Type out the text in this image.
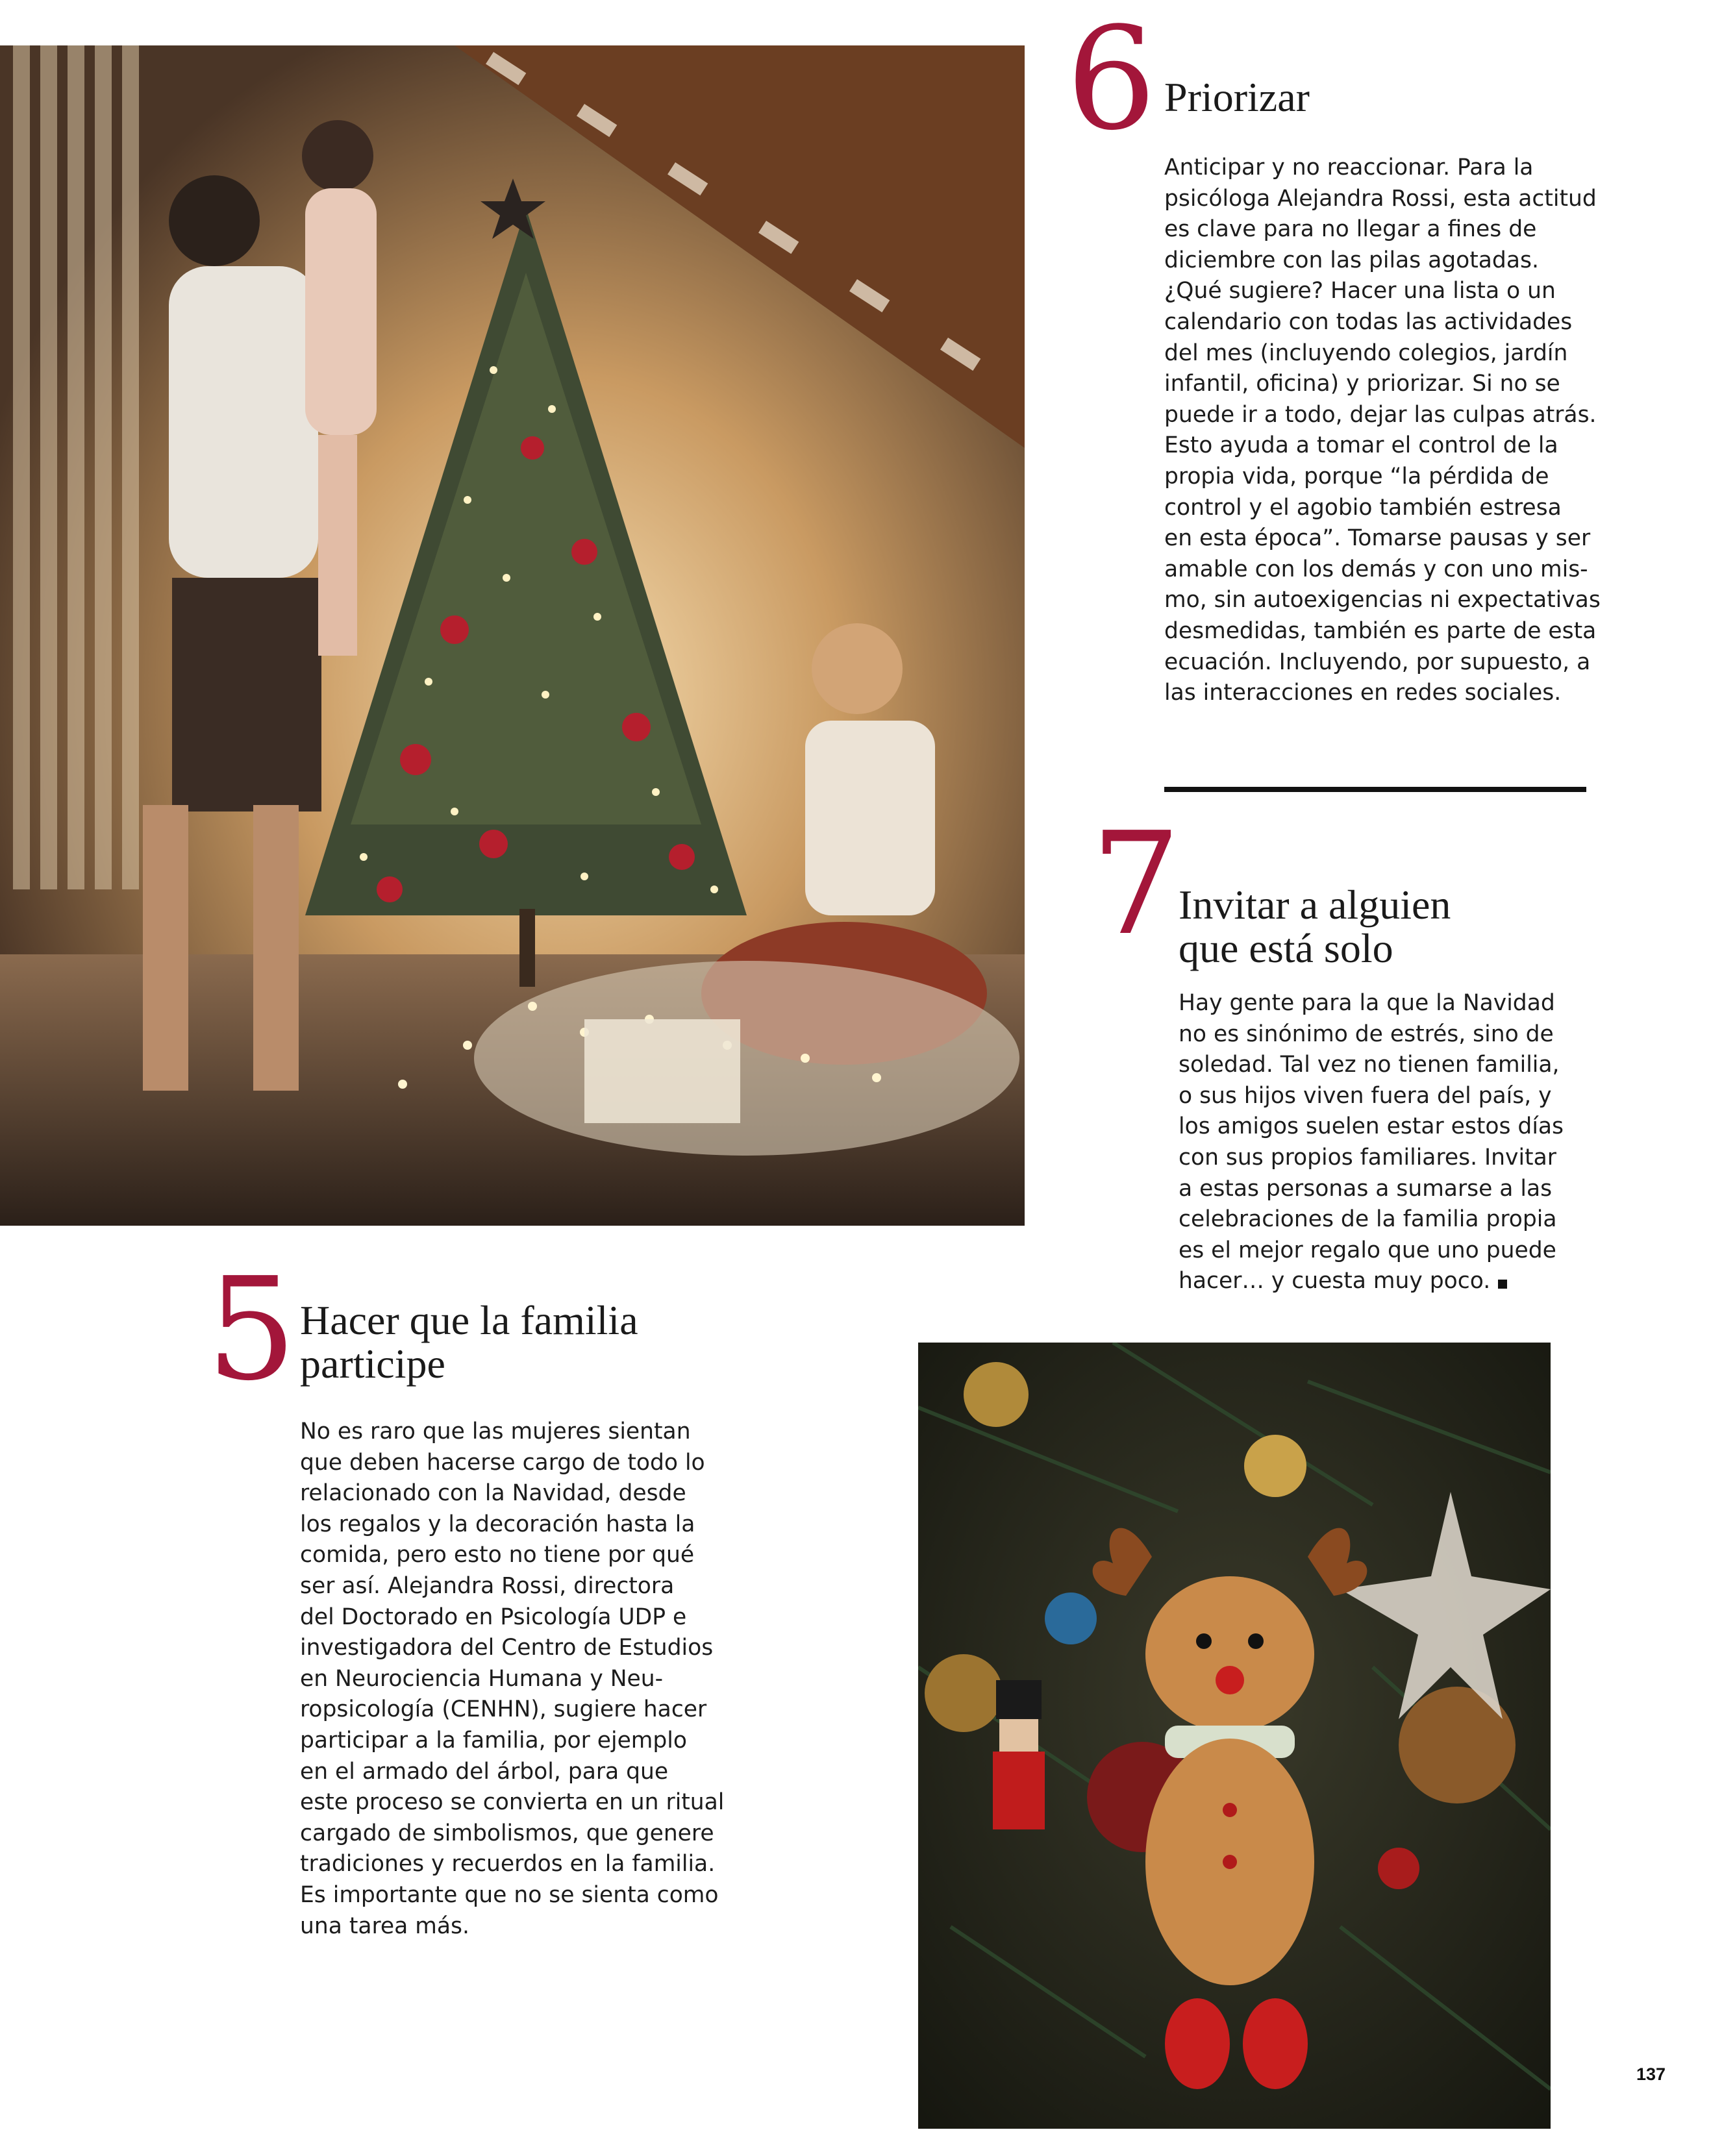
6 Priorizar

Anticipar y no reaccionar. Para la
psicóloga Alejandra Rossi, esta actitud
es clave para no llegar a fines de
diciembre con las pilas agotadas.
¿Qué sugiere? Hacer una lista o un
calendario con todas las actividades
del mes (incluyendo colegios, jardín
infantil, oficina) y priorizar. Si no se
puede ir a todo, dejar las culpas atrás.
Esto ayuda a tomar el control de la
propia vida, porque “la pérdida de
control y el agobio también estresa
en esta época”. Tomarse pausas y ser
amable con los demás y con uno mis-
mo, sin autoexigencias ni expectativas
desmedidas, también es parte de esta
ecuación. Incluyendo, por supuesto, a
las interacciones en redes sociales.

7
Invitar a alguien
que está solo
Hay gente para la que la Navidad
no es sinónimo de estrés, sino de
soledad. Tal vez no tienen familia,
o sus hijos viven fuera del país, y
los amigos suelen estar estos días
con sus propios familiares. Invitar
a estas personas a sumarse a las
celebraciones de la familia propia
es el mejor regalo que uno puede
hacer… y cuesta muy poco.
5 Hacer que la familia
participe

No es raro que las mujeres sientan
que deben hacerse cargo de todo lo
relacionado con la Navidad, desde
los regalos y la decoración hasta la
comida, pero esto no tiene por qué
ser así. Alejandra Rossi, directora
del Doctorado en Psicología UDP e
investigadora del Centro de Estudios
en Neurociencia Humana y Neu-
ropsicología (CENHN), sugiere hacer
participar a la familia, por ejemplo
en el armado del árbol, para que
este proceso se convierta en un ritual
cargado de simbolismos, que genere
tradiciones y recuerdos en la familia.
Es importante que no se sienta como
una tarea más.

137
